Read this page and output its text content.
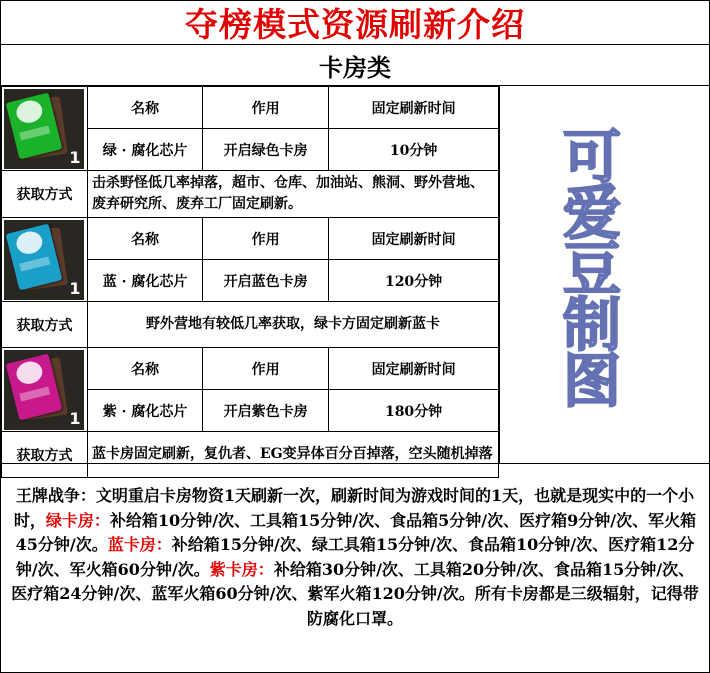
夺榜模式资源刷新介绍
卡房类
1	名称	作用	固定刷新时间
	绿 · 腐化芯片	开启绿色卡房	10分钟
获取方式	击杀野怪低几率掉落，超市、仓库、加油站、熊洞、野外营地、废弃研究所、废弃工厂固定刷新。		

1	名称	作用	固定刷新时间
	蓝 · 腐化芯片	开启蓝色卡房	120分钟
获取方式	野外营地有较低几率获取，绿卡方固定刷新蓝卡		

1	名称	作用	固定刷新时间
	紫 · 腐化芯片	开启紫色卡房	180分钟
获取方式	蓝卡房固定刷新，复仇者、EG变异体百分百掉落，空头随机掉落		
可爱豆制图
王牌战争：文明重启卡房物资1天刷新一次，刷新时间为游戏时间的1天，也就是现实中的一个小时，绿卡房：补给箱10分钟/次、工具箱15分钟/次、食品箱5分钟/次、医疗箱9分钟/次、军火箱45分钟/次。蓝卡房：补给箱15分钟/次、绿工具箱15分钟/次、食品箱10分钟/次、医疗箱12分钟/次、军火箱60分钟/次。紫卡房：补给箱30分钟/次、工具箱20分钟/次、食品箱15分钟/次、医疗箱24分钟/次、蓝军火箱60分钟/次、紫军火箱120分钟/次。所有卡房都是三级辐射，记得带防腐化口罩。
